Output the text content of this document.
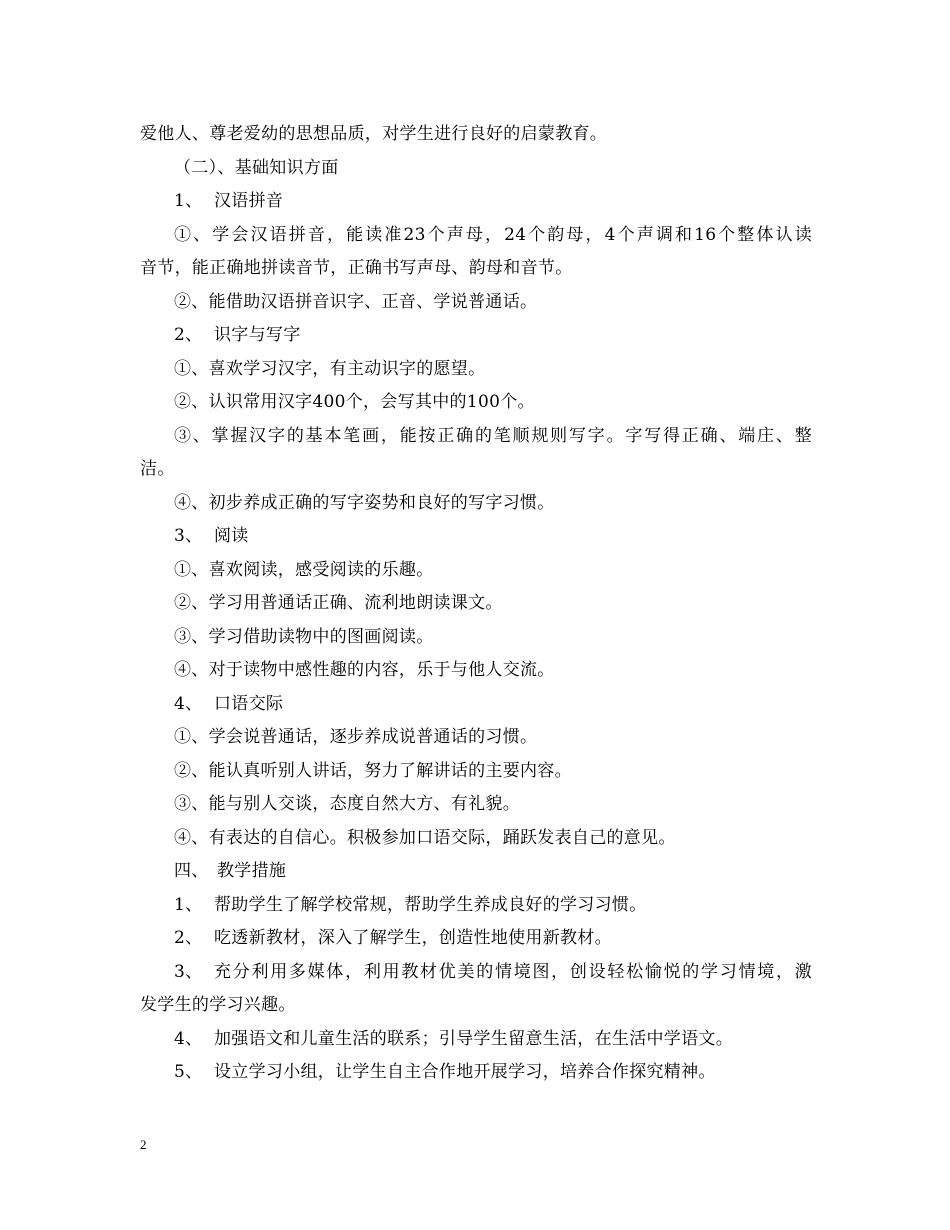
爱他人、尊老爱幼的思想品质，对学生进行良好的启蒙教育。
（二）、基础知识方面
1、 汉语拼音
①、学会汉语拼音，能读准23个声母，24个韵母，4个声调和16个整体认读
音节，能正确地拼读音节，正确书写声母、韵母和音节。
②、能借助汉语拼音识字、正音、学说普通话。
2、 识字与写字
①、喜欢学习汉字，有主动识字的愿望。
②、认识常用汉字400个，会写其中的100个。
③、掌握汉字的基本笔画，能按正确的笔顺规则写字。字写得正确、端庄、整
洁。
④、初步养成正确的写字姿势和良好的写字习惯。
3、 阅读
①、喜欢阅读，感受阅读的乐趣。
②、学习用普通话正确、流利地朗读课文。
③、学习借助读物中的图画阅读。
④、对于读物中感性趣的内容，乐于与他人交流。
4、 口语交际
①、学会说普通话，逐步养成说普通话的习惯。
②、能认真听别人讲话，努力了解讲话的主要内容。
③、能与别人交谈，态度自然大方、有礼貌。
④、有表达的自信心。积极参加口语交际，踊跃发表自己的意见。
四、 教学措施
1、 帮助学生了解学校常规，帮助学生养成良好的学习习惯。
2、 吃透新教材，深入了解学生，创造性地使用新教材。
3、 充分利用多媒体，利用教材优美的情境图，创设轻松愉悦的学习情境，激
发学生的学习兴趣。
4、 加强语文和儿童生活的联系；引导学生留意生活，在生活中学语文。
5、 设立学习小组，让学生自主合作地开展学习，培养合作探究精神。
2
